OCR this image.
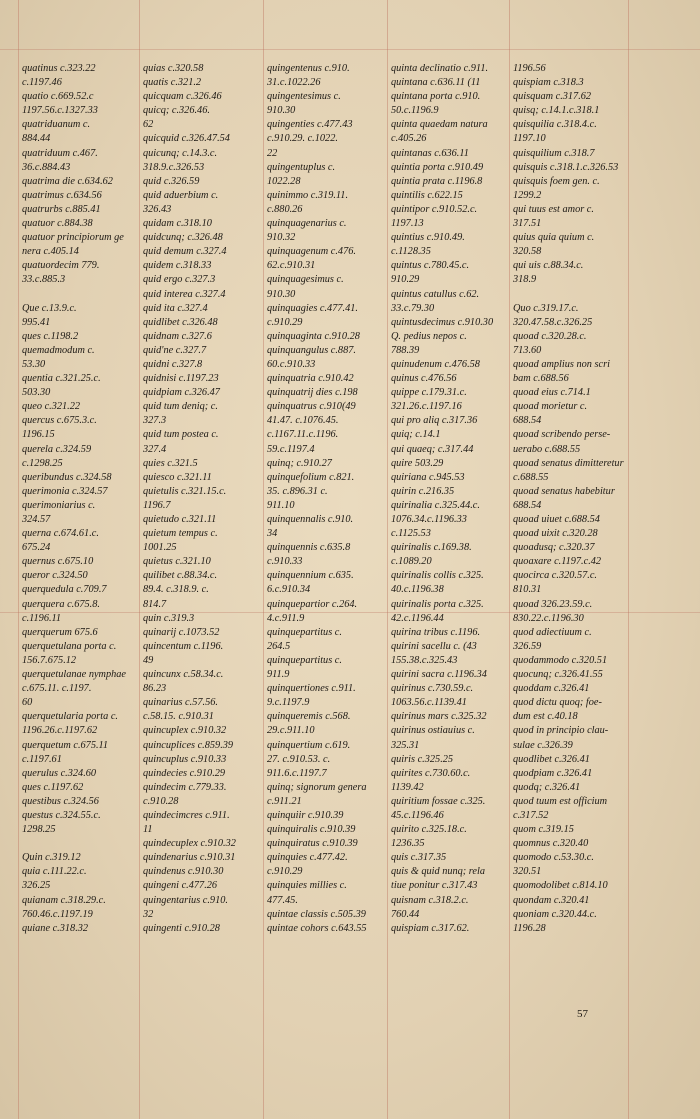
quatinus c.323.22
c.1197.46
quatio c.669.52.c
1197.56.c.1327.33
quatriduanum c.
884.44
quatriduum c.467.
36.c.884.43
quatrima die c.634.62
quatrimus c.634.56
quatrurbs c.885.41
quatuor c.884.38
quatuor principiorum ge
nera c.405.14
quatuordecim 779.
33.c.885.3
Que c.13.9.c.
995.41
ques c.1198.2
quemadmodum c.
53.30
quentia c.321.25.c.
503.30
queo c.321.22
quercus c.675.3.c.
1196.15
querela c.324.59
c.1298.25
queribundus c.324.58
querimonia c.324.57
querimoniarius c.
324.57
querna c.674.61.c.
675.24
quernus c.675.10
queror c.324.50
querquedula c.709.7
querquera c.675.8.
c.1196.11
querquerum 675.6
querquetulana porta c.
156.7.675.12
querquetulanae nymphae
c.675.11. c.1197.
60
querquetularia porta c.
1196.26.c.1197.62
querquetum c.675.11
c.1197.61
querulus c.324.60
ques c.1197.62
questibus c.324.56
questus c.324.55.c.
1298.25
Quin c.319.12
quia c.111.22.c.
326.25
quianam c.318.29.c.
760.46.c.1197.19
quiane c.318.32
quias c.320.58
quatis c.321.2
quicquam c.326.46
quicq; c.326.46.
62
quicquid c.326.47.54
quicunq; c.14.3.c.
318.9.c.326.53
quid c.326.59
quid aduerbium c.
326.43
quidam c.318.10
quidcunq; c.326.48
quid demum c.327.4
quidem c.318.33
quid ergo c.327.3
quid interea c.327.4
quid ita c.327.4
quidlibet c.326.48
quidnam c.327.6
quid'ne c.327.7
quidni c.327.8
quidnisi c.1197.23
quidpiam c.326.47
quid tum deniq; c.
327.3
quid tum postea c.
327.4
quies c.321.5
quiesco c.321.11
quietulis c.321.15.c.
1196.7
quietudo c.321.11
quietum tempus c.
1001.25
quietus c.321.10
quilibet c.88.34.c.
89.4. c.318.9. c.
814.7
quin c.319.3
quinarij c.1073.52
quincentum c.1196.
49
quincunx c.58.34.c.
86.23
quinarius c.57.56.
c.58.15. c.910.31
quincuplex c.910.32
quincuplices c.859.39
quincuplus c.910.33
quindecies c.910.29
quindecim c.779.33.
c.910.28
quindecimcres c.911.
11
quindecuplex c.910.32
quindenarius c.910.31
quindenus c.910.30
quingeni c.477.26
quingentarius c.910.
32
quingenti c.910.28
quingentenus c.910.
31.c.1022.26
quingentesimus c.
910.30
quingenties c.477.43
c.910.29. c.1022.
22
quingentuplus c.
1022.28
quinimmo c.319.11.
c.880.26
quinquagenarius c.
910.32
quinquagenum c.476.
62.c.910.31
quinquagesimus c.
910.30
quinquagies c.477.41.
c.910.29
quinquaginta c.910.28
quinquangulus c.887.
60.c.910.33
quinquatria c.910.42
quinquatrij dies c.198
quinquatrus c.910(49
41.47. c.1076.45.
c.1167.11.c.1196.
59.c.1197.4
quinq; c.910.27
quinquefolium c.821.
35. c.896.31 c.
911.10
quinquennalis c.910.
34
quinquennis c.635.8
c.910.33
quinquennium c.635.
6.c.910.34
quinquepartior c.264.
4.c.911.9
quinquepartitus c.
264.5
quinquepartitus c.
911.9
quinquertiones c.911.
9.c.1197.9
quinqueremis c.568.
29.c.911.10
quinquertium c.619.
27. c.910.53. c.
911.6.c.1197.7
quinq; signorum genera
c.911.21
quinquiir c.910.39
quinquiralis c.910.39
quinquiratus c.910.39
quinquies c.477.42.
c.910.29
quinquies millies c.
477.45.
quintae classis c.505.39
quintae cohors c.643.55
quinta declinatio c.911.
quintana c.636.11 (11
quintana porta c.910.
50.c.1196.9
quinta quaedam natura
c.405.26
quintanas c.636.11
quintia porta c.910.49
quintia prata c.1196.8
quintilis c.622.15
quintipor c.910.52.c.
1197.13
quintius c.910.49.
c.1128.35
quintus c.780.45.c.
910.29
quintus catullus c.62.
33.c.79.30
quintusdecimus c.910.30
Q. pedius nepos c.
788.39
quinudenum c.476.58
quinus c.476.56
quippe c.179.31.c.
321.26.c.1197.16
qui pro aliq c.317.36
quiq; c.14.1
qui quaeq; c.317.44
quire 503.29
quiriana c.945.53
quirin c.216.35
quirinalia c.325.44.c.
1076.34.c.1196.33
c.1125.53
quirinalis c.169.38.
c.1089.20
quirinalis collis c.325.
40.c.1196.38
quirinalis porta c.325.
42.c.1196.44
quirina tribus c.1196.
quirini sacellu c. (43
155.38.c.325.43
quirini sacra c.1196.34
quirinus c.730.59.c.
1063.56.c.1139.41
quirinus mars c.325.32
quirinus ostiauius c.
325.31
quiris c.325.25
quirites c.730.60.c.
1139.42
quiritium fossae c.325.
45.c.1196.46
quirito c.325.18.c.
1236.35
quis c.317.35
quis & quid nunq; rela
tiue ponitur c.317.43
quisnam c.318.2.c.
760.44
quispiam c.317.62.
1196.56
quispiam c.318.3
quisquam c.317.62
quisq; c.14.1.c.318.1
quisquilia c.318.4.c.
1197.10
quisquilium c.318.7
quisquis c.318.1.c.326.53
quisquis foem gen. c.
1299.2
qui tuus est amor c.
317.51
quius quia quium c.
320.58
qui uis c.88.34.c.
318.9
Quo c.319.17.c.
320.47.58.c.326.25
quoad c.320.28.c.
713.60
quoad amplius non scri
bam c.688.56
quoad eius c.714.1
quoad morietur c.
688.54
quoad scribendo perse-
uerabo c.688.55
quoad senatus dimitteretur
c.688.55
quoad senatus habebitur
688.54
quoad uiuet c.688.54
quoad uixit c.320.28
quoadusq; c.320.37
quoaxare c.1197.c.42
quocirca c.320.57.c.
810.31
quoad 326.23.59.c.
830.22.c.1196.30
quod adiectiuum c.
326.59
quodammodo c.320.51
quocunq; c.326.41.55
quoddam c.326.41
quod dictu quoq; foe-
dum est c.40.18
quod in principio clau-
sulae c.326.39
quodlibet c.326.41
quodpiam c.326.41
quodq; c.326.41
quod tuum est officium
c.317.52
quom c.319.15
quomnus c.320.40
quomodo c.53.30.c.
320.51
quomodolibet c.814.10
quondam c.320.41
quoniam c.320.44.c.
1196.28
57
